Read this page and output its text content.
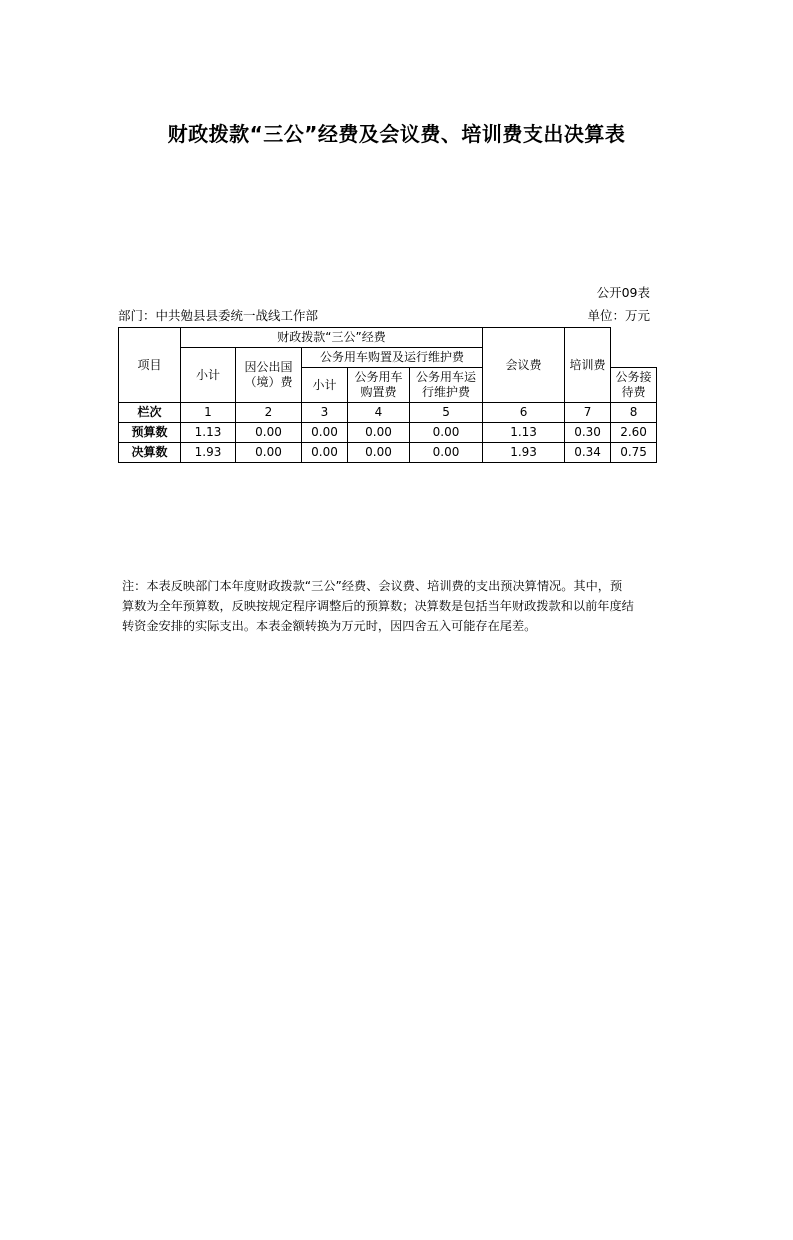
财政拨款“三公”经费及会议费、培训费支出决算表
公开09表
部门：中共勉县县委统一战线工作部	单位：万元
项目	财政拨款“三公”经费					会议费	培训费	
	小计	因公出国（境）费	公务用车购置及运行维护费					
			小计	公务用车购置费	公务用车运行维护费			公务接待费
栏次	1	2	3	4	5	6	7	8
预算数	1.13	0.00	0.00	0.00	0.00	1.13	0.30	2.60
决算数	1.93	0.00	0.00	0.00	0.00	1.93	0.34	0.75
注：本表反映部门本年度财政拨款“三公”经费、会议费、培训费的支出预决算情况。其中，预
算数为全年预算数，反映按规定程序调整后的预算数；决算数是包括当年财政拨款和以前年度结
转资金安排的实际支出。本表金额转换为万元时，因四舍五入可能存在尾差。
